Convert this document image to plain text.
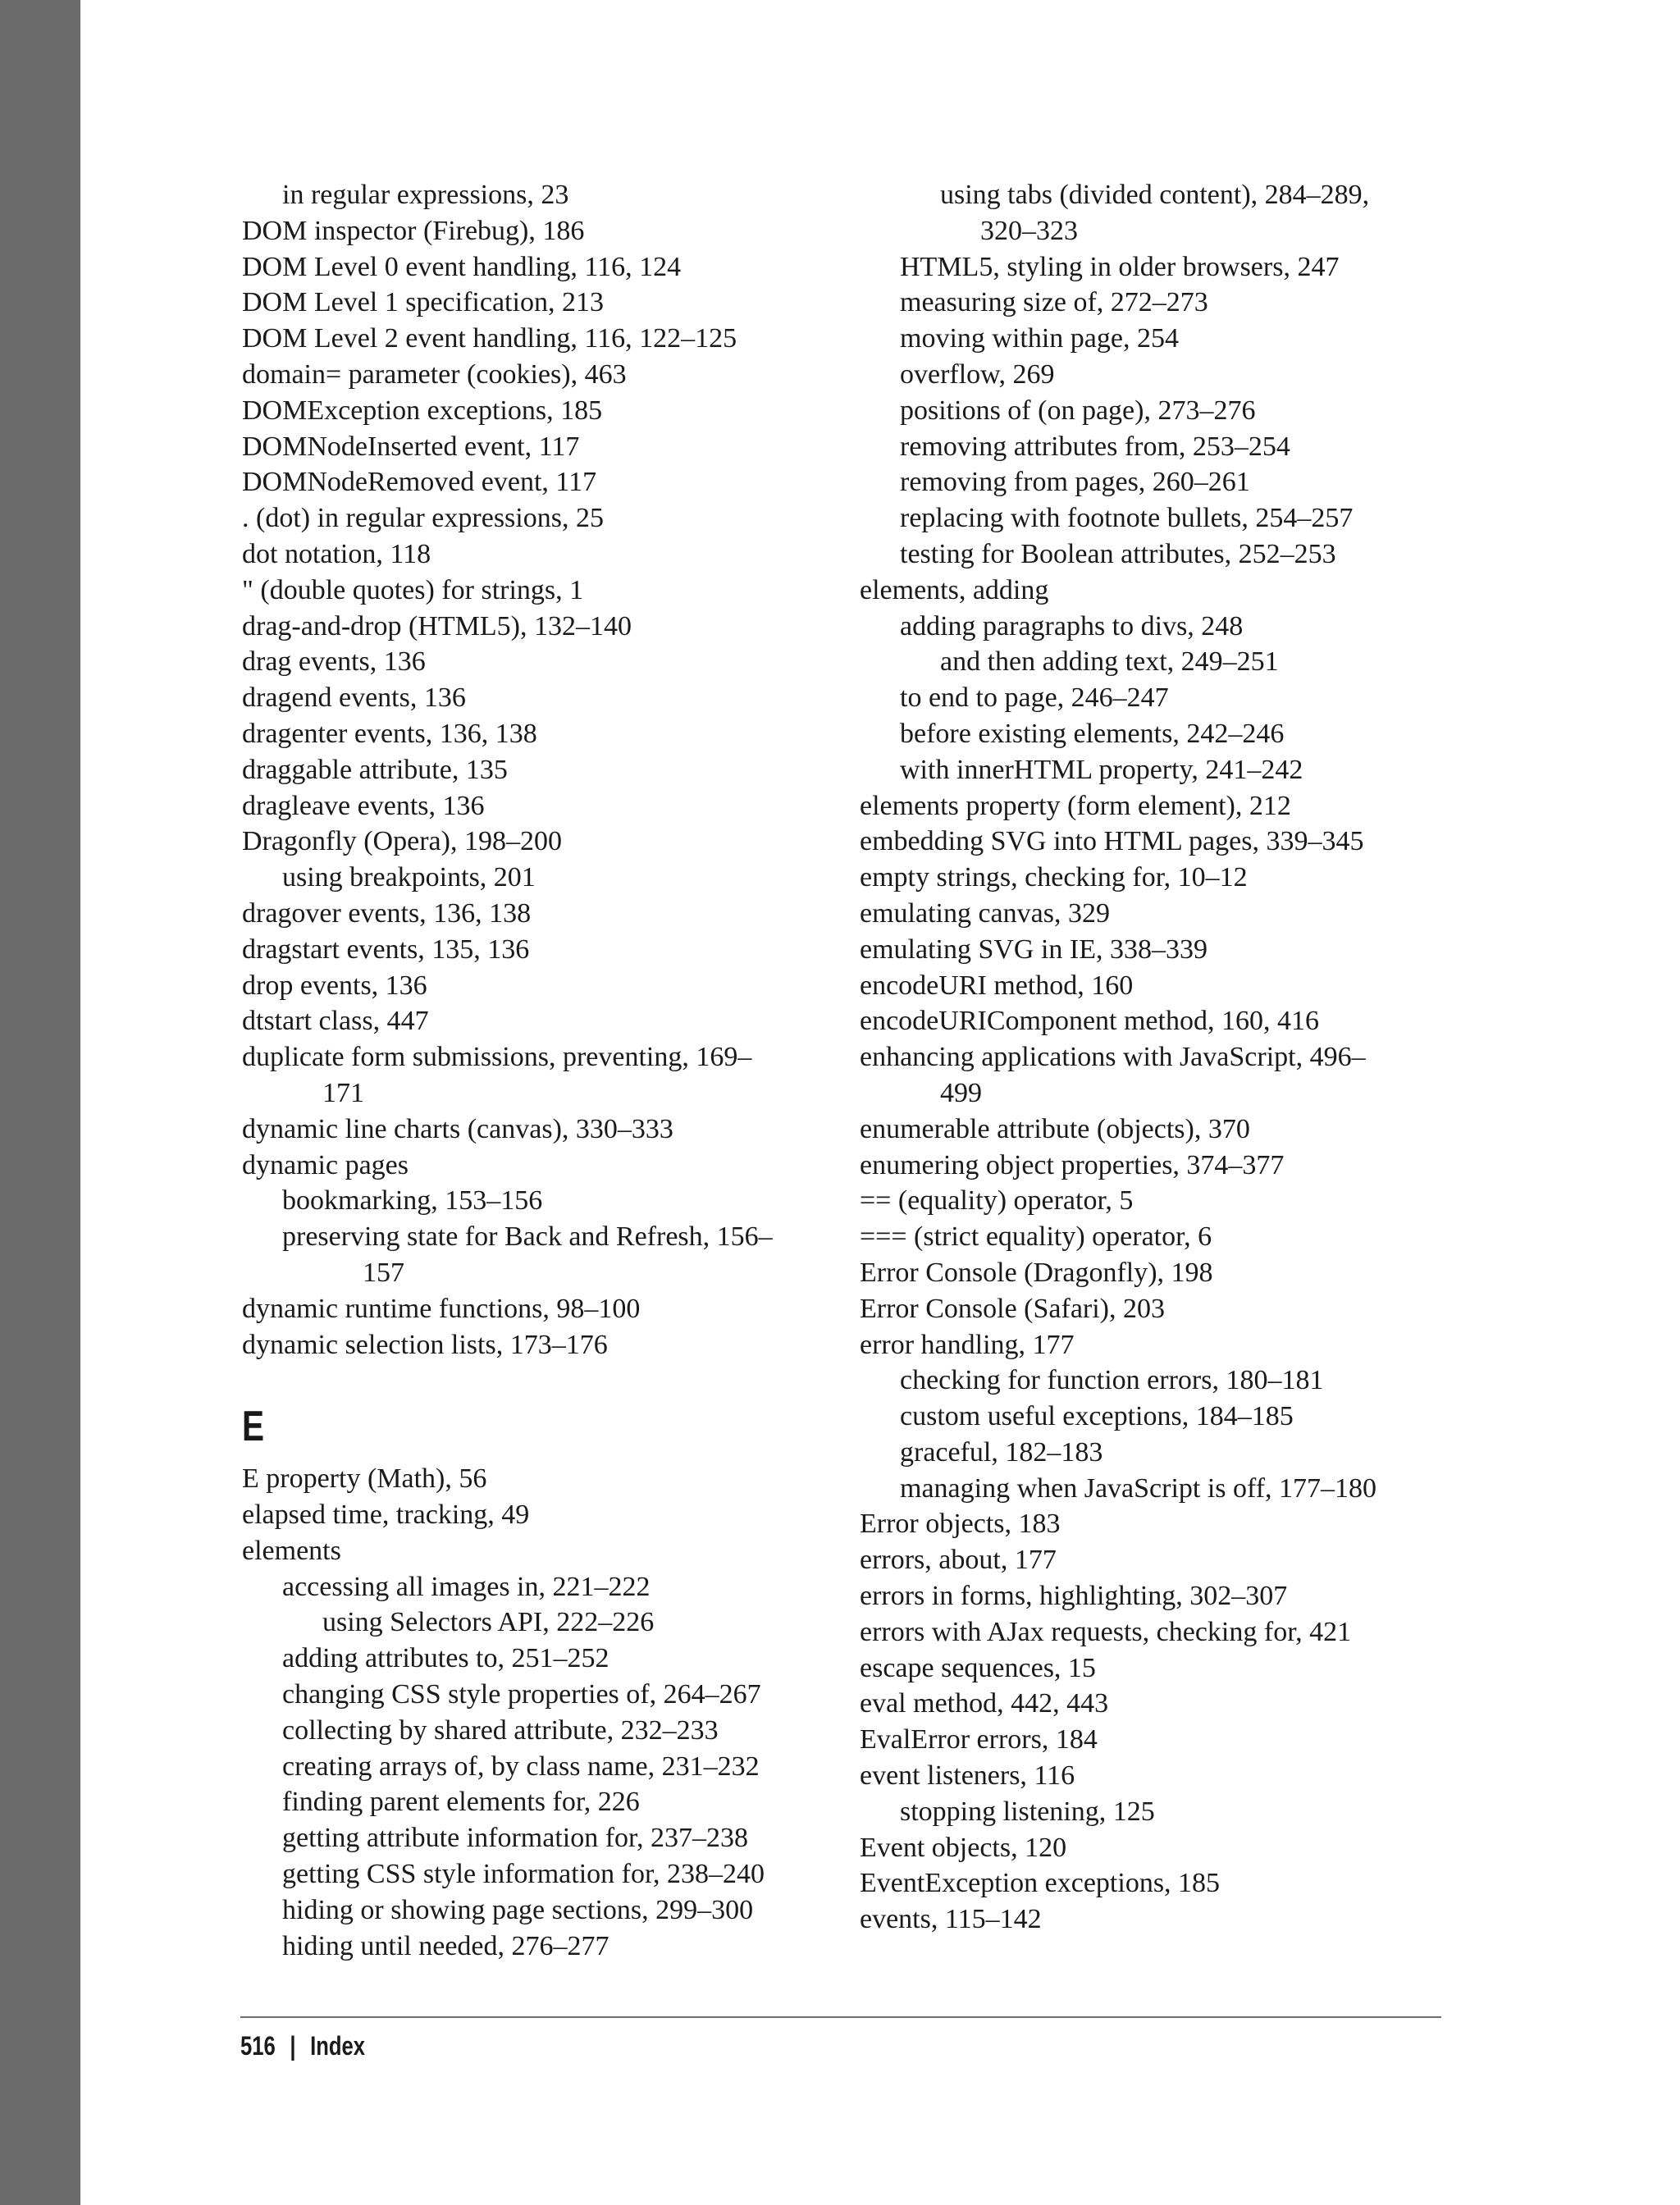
in regular expressions, 23
DOM inspector (Firebug), 186
DOM Level 0 event handling, 116, 124
DOM Level 1 specification, 213
DOM Level 2 event handling, 116, 122–125
domain= parameter (cookies), 463
DOMException exceptions, 185
DOMNodeInserted event, 117
DOMNodeRemoved event, 117
. (dot) in regular expressions, 25
dot notation, 118
" (double quotes) for strings, 1
drag-and-drop (HTML5), 132–140
drag events, 136
dragend events, 136
dragenter events, 136, 138
draggable attribute, 135
dragleave events, 136
Dragonfly (Opera), 198–200
using breakpoints, 201
dragover events, 136, 138
dragstart events, 135, 136
drop events, 136
dtstart class, 447
duplicate form submissions, preventing, 169–
171
dynamic line charts (canvas), 330–333
dynamic pages
bookmarking, 153–156
preserving state for Back and Refresh, 156–
157
dynamic runtime functions, 98–100
dynamic selection lists, 173–176
E
E property (Math), 56
elapsed time, tracking, 49
elements
accessing all images in, 221–222
using Selectors API, 222–226
adding attributes to, 251–252
changing CSS style properties of, 264–267
collecting by shared attribute, 232–233
creating arrays of, by class name, 231–232
finding parent elements for, 226
getting attribute information for, 237–238
getting CSS style information for, 238–240
hiding or showing page sections, 299–300
hiding until needed, 276–277
using tabs (divided content), 284–289,
320–323
HTML5, styling in older browsers, 247
measuring size of, 272–273
moving within page, 254
overflow, 269
positions of (on page), 273–276
removing attributes from, 253–254
removing from pages, 260–261
replacing with footnote bullets, 254–257
testing for Boolean attributes, 252–253
elements, adding
adding paragraphs to divs, 248
and then adding text, 249–251
to end to page, 246–247
before existing elements, 242–246
with innerHTML property, 241–242
elements property (form element), 212
embedding SVG into HTML pages, 339–345
empty strings, checking for, 10–12
emulating canvas, 329
emulating SVG in IE, 338–339
encodeURI method, 160
encodeURIComponent method, 160, 416
enhancing applications with JavaScript, 496–
499
enumerable attribute (objects), 370
enumering object properties, 374–377
== (equality) operator, 5
=== (strict equality) operator, 6
Error Console (Dragonfly), 198
Error Console (Safari), 203
error handling, 177
checking for function errors, 180–181
custom useful exceptions, 184–185
graceful, 182–183
managing when JavaScript is off, 177–180
Error objects, 183
errors, about, 177
errors in forms, highlighting, 302–307
errors with AJax requests, checking for, 421
escape sequences, 15
eval method, 442, 443
EvalError errors, 184
event listeners, 116
stopping listening, 125
Event objects, 120
EventException exceptions, 185
events, 115–142
516 | Index
